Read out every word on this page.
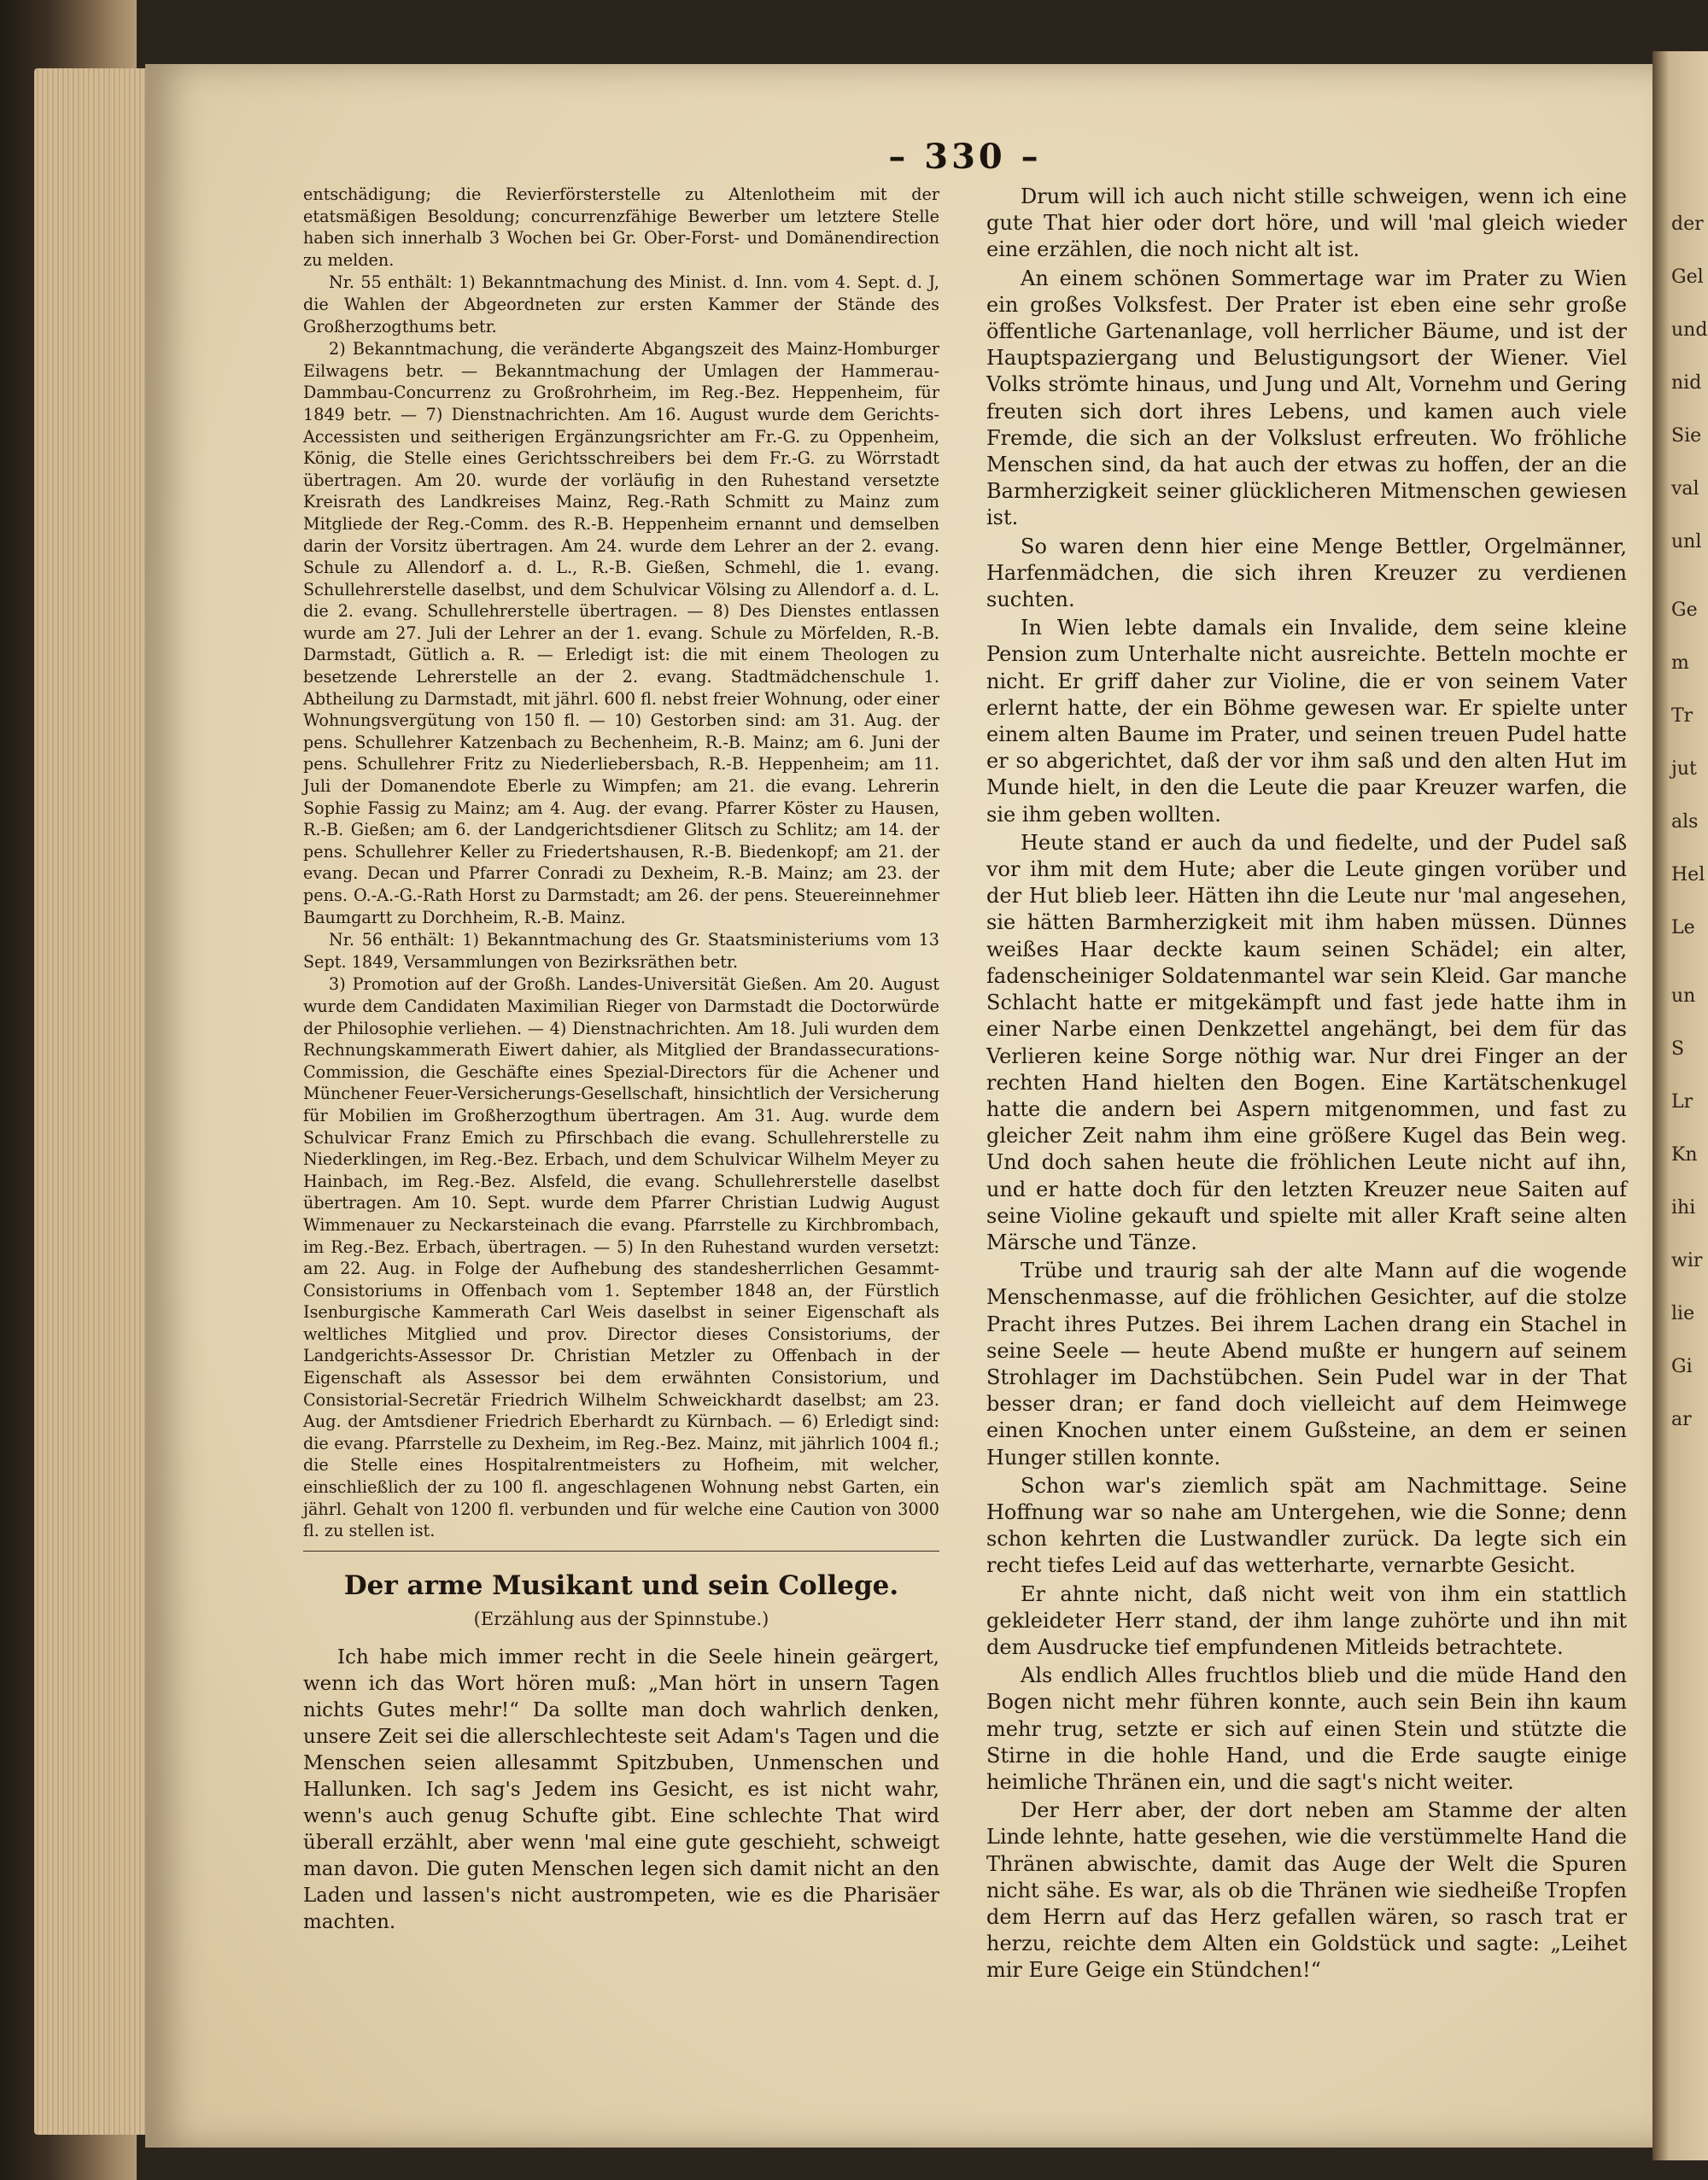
der
Gel
und
nid
Sie
val
unl
Ge
m
Tr
jut
als
Hel
Le
un
S
Lr
Kn
ihi
wir
lie
Gi
ar
– 330 –

entschädigung; die Revierförsterstelle zu Altenlotheim mit der etatsmäßigen Besoldung; concurrenzfähige Bewerber um letztere Stelle haben sich innerhalb 3 Wochen bei Gr. Ober-Forst- und Domänendirection zu melden.

Nr. 55 enthält: 1) Bekanntmachung des Minist. d. Inn. vom 4. Sept. d. J, die Wahlen der Abgeordneten zur ersten Kammer der Stände des Großherzogthums betr.

2) Bekanntmachung, die veränderte Abgangszeit des Mainz-Homburger Eilwagens betr. — Bekanntmachung der Umlagen der Hammerau-Dammbau-Concurrenz zu Großrohrheim, im Reg.-Bez. Heppenheim, für 1849 betr. — 7) Dienstnachrichten. Am 16. August wurde dem Gerichts-Accessisten und seitherigen Ergänzungsrichter am Fr.-G. zu Oppenheim, König, die Stelle eines Gerichtsschreibers bei dem Fr.-G. zu Wörrstadt übertragen. Am 20. wurde der vorläufig in den Ruhestand versetzte Kreisrath des Landkreises Mainz, Reg.-Rath Schmitt zu Mainz zum Mitgliede der Reg.-Comm. des R.-B. Heppenheim ernannt und demselben darin der Vorsitz übertragen. Am 24. wurde dem Lehrer an der 2. evang. Schule zu Allendorf a. d. L., R.-B. Gießen, Schmehl, die 1. evang. Schullehrerstelle daselbst, und dem Schulvicar Völsing zu Allendorf a. d. L. die 2. evang. Schullehrerstelle übertragen. — 8) Des Dienstes entlassen wurde am 27. Juli der Lehrer an der 1. evang. Schule zu Mörfelden, R.-B. Darmstadt, Gütlich a. R. — Erledigt ist: die mit einem Theologen zu besetzende Lehrerstelle an der 2. evang. Stadtmädchenschule 1. Abtheilung zu Darmstadt, mit jährl. 600 fl. nebst freier Wohnung, oder einer Wohnungsvergütung von 150 fl. — 10) Gestorben sind: am 31. Aug. der pens. Schullehrer Katzenbach zu Bechenheim, R.-B. Mainz; am 6. Juni der pens. Schullehrer Fritz zu Niederliebersbach, R.-B. Heppenheim; am 11. Juli der Domanendote Eberle zu Wimpfen; am 21. die evang. Lehrerin Sophie Fassig zu Mainz; am 4. Aug. der evang. Pfarrer Köster zu Hausen, R.-B. Gießen; am 6. der Landgerichtsdiener Glitsch zu Schlitz; am 14. der pens. Schullehrer Keller zu Friedertshausen, R.-B. Biedenkopf; am 21. der evang. Decan und Pfarrer Conradi zu Dexheim, R.-B. Mainz; am 23. der pens. O.-A.-G.-Rath Horst zu Darmstadt; am 26. der pens. Steuereinnehmer Baumgartt zu Dorchheim, R.-B. Mainz.

Nr. 56 enthält: 1) Bekanntmachung des Gr. Staatsministeriums vom 13 Sept. 1849, Versammlungen von Bezirksräthen betr.

3) Promotion auf der Großh. Landes-Universität Gießen. Am 20. August wurde dem Candidaten Maximilian Rieger von Darmstadt die Doctorwürde der Philosophie verliehen. — 4) Dienstnachrichten. Am 18. Juli wurden dem Rechnungskammerath Eiwert dahier, als Mitglied der Brandassecurations-Commission, die Geschäfte eines Spezial-Directors für die Achener und Münchener Feuer-Versicherungs-Gesellschaft, hinsichtlich der Versicherung für Mobilien im Großherzogthum übertragen. Am 31. Aug. wurde dem Schulvicar Franz Emich zu Pfirschbach die evang. Schullehrerstelle zu Niederklingen, im Reg.-Bez. Erbach, und dem Schulvicar Wilhelm Meyer zu Hainbach, im Reg.-Bez. Alsfeld, die evang. Schullehrerstelle daselbst übertragen. Am 10. Sept. wurde dem Pfarrer Christian Ludwig August Wimmenauer zu Neckarsteinach die evang. Pfarrstelle zu Kirchbrombach, im Reg.-Bez. Erbach, übertragen. — 5) In den Ruhestand wurden versetzt: am 22. Aug. in Folge der Aufhebung des standesherrlichen Gesammt-Consistoriums in Offenbach vom 1. September 1848 an, der Fürstlich Isenburgische Kammerath Carl Weis daselbst in seiner Eigenschaft als weltliches Mitglied und prov. Director dieses Consistoriums, der Landgerichts-Assessor Dr. Christian Metzler zu Offenbach in der Eigenschaft als Assessor bei dem erwähnten Consistorium, und Consistorial-Secretär Friedrich Wilhelm Schweickhardt daselbst; am 23. Aug. der Amtsdiener Friedrich Eberhardt zu Kürnbach. — 6) Erledigt sind: die evang. Pfarrstelle zu Dexheim, im Reg.-Bez. Mainz, mit jährlich 1004 fl.; die Stelle eines Hospitalrentmeisters zu Hofheim, mit welcher, einschließlich der zu 100 fl. angeschlagenen Wohnung nebst Garten, ein jährl. Gehalt von 1200 fl. verbunden und für welche eine Caution von 3000 fl. zu stellen ist.

Der arme Musikant und sein College.
(Erzählung aus der Spinnstube.)

Ich habe mich immer recht in die Seele hinein geärgert, wenn ich das Wort hören muß: „Man hört in unsern Tagen nichts Gutes mehr!“ Da sollte man doch wahrlich denken, unsere Zeit sei die allerschlechteste seit Adam's Tagen und die Menschen seien allesammt Spitzbuben, Unmenschen und Hallunken. Ich sag's Jedem ins Gesicht, es ist nicht wahr, wenn's auch genug Schufte gibt. Eine schlechte That wird überall erzählt, aber wenn 'mal eine gute geschieht, schweigt man davon. Die guten Menschen legen sich damit nicht an den Laden und lassen's nicht austrompeten, wie es die Pharisäer machten.

Drum will ich auch nicht stille schweigen, wenn ich eine gute That hier oder dort höre, und will 'mal gleich wieder eine erzählen, die noch nicht alt ist.

An einem schönen Sommertage war im Prater zu Wien ein großes Volksfest. Der Prater ist eben eine sehr große öffentliche Gartenanlage, voll herrlicher Bäume, und ist der Hauptspaziergang und Belustigungsort der Wiener. Viel Volks strömte hinaus, und Jung und Alt, Vornehm und Gering freuten sich dort ihres Lebens, und kamen auch viele Fremde, die sich an der Volkslust erfreuten. Wo fröhliche Menschen sind, da hat auch der etwas zu hoffen, der an die Barmherzigkeit seiner glücklicheren Mitmenschen gewiesen ist.

So waren denn hier eine Menge Bettler, Orgelmänner, Harfenmädchen, die sich ihren Kreuzer zu verdienen suchten.

In Wien lebte damals ein Invalide, dem seine kleine Pension zum Unterhalte nicht ausreichte. Betteln mochte er nicht. Er griff daher zur Violine, die er von seinem Vater erlernt hatte, der ein Böhme gewesen war. Er spielte unter einem alten Baume im Prater, und seinen treuen Pudel hatte er so abgerichtet, daß der vor ihm saß und den alten Hut im Munde hielt, in den die Leute die paar Kreuzer warfen, die sie ihm geben wollten.

Heute stand er auch da und fiedelte, und der Pudel saß vor ihm mit dem Hute; aber die Leute gingen vorüber und der Hut blieb leer. Hätten ihn die Leute nur 'mal angesehen, sie hätten Barmherzigkeit mit ihm haben müssen. Dünnes weißes Haar deckte kaum seinen Schädel; ein alter, fadenscheiniger Soldatenmantel war sein Kleid. Gar manche Schlacht hatte er mitgekämpft und fast jede hatte ihm in einer Narbe einen Denkzettel angehängt, bei dem für das Verlieren keine Sorge nöthig war. Nur drei Finger an der rechten Hand hielten den Bogen. Eine Kartätschenkugel hatte die andern bei Aspern mitgenommen, und fast zu gleicher Zeit nahm ihm eine größere Kugel das Bein weg. Und doch sahen heute die fröhlichen Leute nicht auf ihn, und er hatte doch für den letzten Kreuzer neue Saiten auf seine Violine gekauft und spielte mit aller Kraft seine alten Märsche und Tänze.

Trübe und traurig sah der alte Mann auf die wogende Menschenmasse, auf die fröhlichen Gesichter, auf die stolze Pracht ihres Putzes. Bei ihrem Lachen drang ein Stachel in seine Seele — heute Abend mußte er hungern auf seinem Strohlager im Dachstübchen. Sein Pudel war in der That besser dran; er fand doch vielleicht auf dem Heimwege einen Knochen unter einem Gußsteine, an dem er seinen Hunger stillen konnte.

Schon war's ziemlich spät am Nachmittage. Seine Hoffnung war so nahe am Untergehen, wie die Sonne; denn schon kehrten die Lustwandler zurück. Da legte sich ein recht tiefes Leid auf das wetterharte, vernarbte Gesicht.

Er ahnte nicht, daß nicht weit von ihm ein stattlich gekleideter Herr stand, der ihm lange zuhörte und ihn mit dem Ausdrucke tief empfundenen Mitleids betrachtete.

Als endlich Alles fruchtlos blieb und die müde Hand den Bogen nicht mehr führen konnte, auch sein Bein ihn kaum mehr trug, setzte er sich auf einen Stein und stützte die Stirne in die hohle Hand, und die Erde saugte einige heimliche Thränen ein, und die sagt's nicht weiter.

Der Herr aber, der dort neben am Stamme der alten Linde lehnte, hatte gesehen, wie die verstümmelte Hand die Thränen abwischte, damit das Auge der Welt die Spuren nicht sähe. Es war, als ob die Thränen wie siedheiße Tropfen dem Herrn auf das Herz gefallen wären, so rasch trat er herzu, reichte dem Alten ein Goldstück und sagte: „Leihet mir Eure Geige ein Stündchen!“
